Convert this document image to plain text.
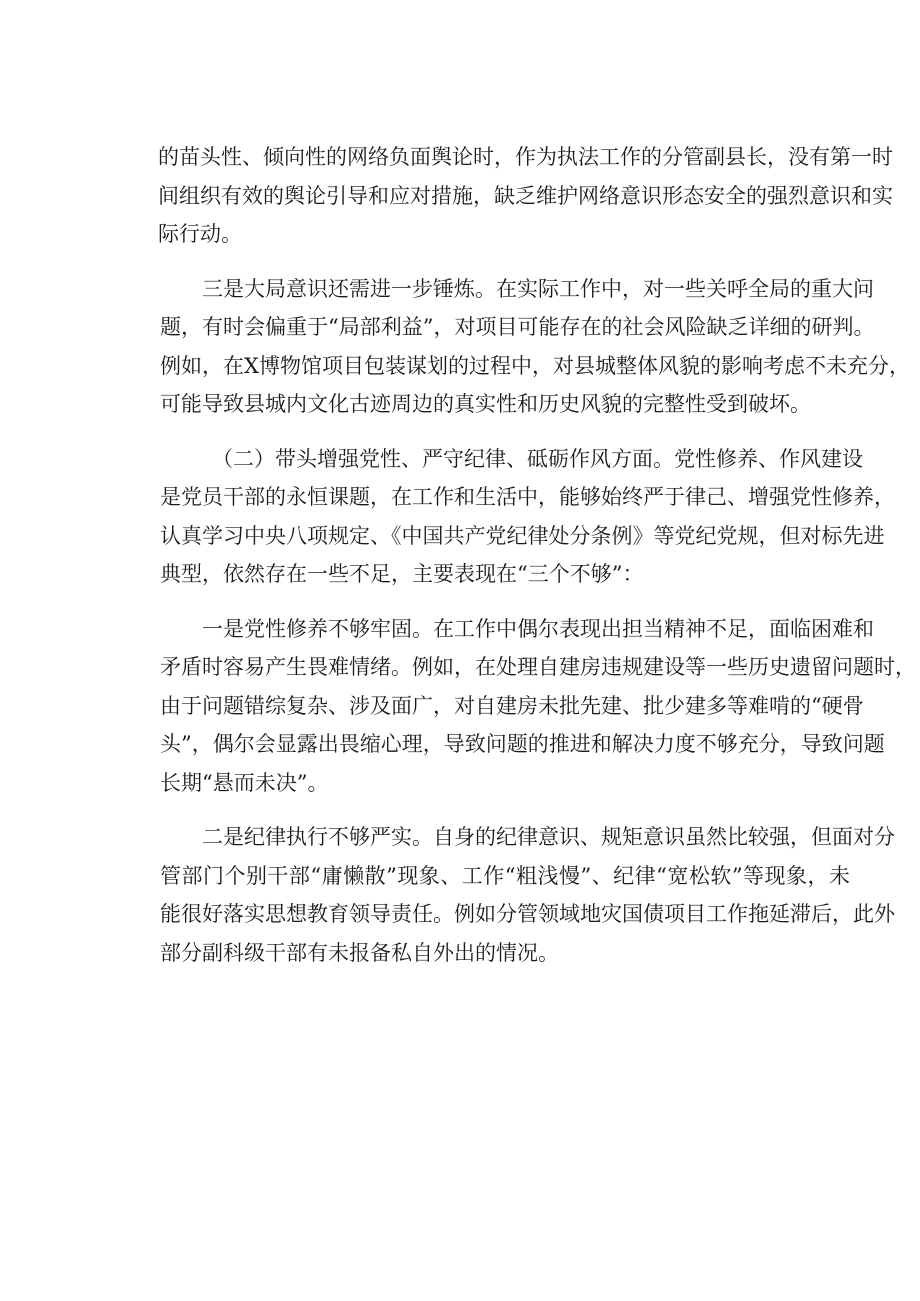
的苗头性、倾向性的网络负面舆论时，作为执法工作的分管副县长，没有第一时
间组织有效的舆论引导和应对措施，缺乏维护网络意识形态安全的强烈意识和实
际行动。
三是大局意识还需进一步锤炼。在实际工作中，对一些关呼全局的重大问
题，有时会偏重于“局部利益”，对项目可能存在的社会风险缺乏详细的研判。
例如，在X博物馆项目包装谋划的过程中，对县城整体风貌的影响考虑不未充分，
可能导致县城内文化古迹周边的真实性和历史风貌的完整性受到破坏。
（二）带头增强党性、严守纪律、砥砺作风方面。党性修养、作风建设
是党员干部的永恒课题，在工作和生活中，能够始终严于律己、增强党性修养，
认真学习中央八项规定、《中国共产党纪律处分条例》等党纪党规，但对标先进
典型，依然存在一些不足，主要表现在“三个不够”：
一是党性修养不够牢固。在工作中偶尔表现出担当精神不足，面临困难和
矛盾时容易产生畏难情绪。例如，在处理自建房违规建设等一些历史遗留问题时，
由于问题错综复杂、涉及面广，对自建房未批先建、批少建多等难啃的“硬骨
头”，偶尔会显露出畏缩心理，导致问题的推进和解决力度不够充分，导致问题
长期“悬而未决”。
二是纪律执行不够严实。自身的纪律意识、规矩意识虽然比较强，但面对分
管部门个别干部“庸懒散”现象、工作“粗浅慢”、纪律“宽松软”等现象，未
能很好落实思想教育领导责任。例如分管领域地灾国债项目工作拖延滞后，此外
部分副科级干部有未报备私自外出的情况。
